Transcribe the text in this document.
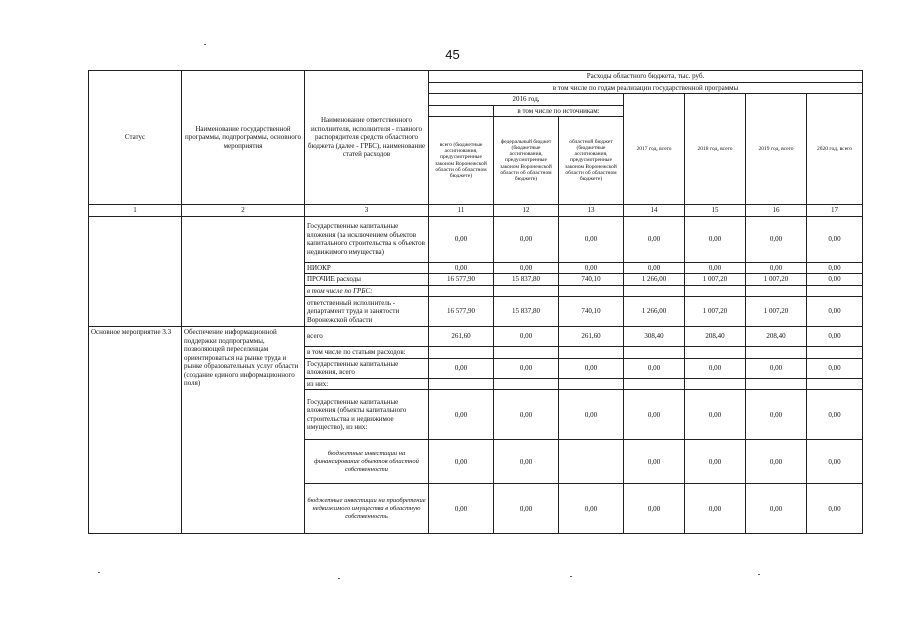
45
Статус	Наименование государственной программы, подпрограммы, основного мероприятия	Наименование ответственного исполнителя, исполнителя - главного распорядителя средств областного бюджета (далее - ГРБС), наименование статей расходов	Расходы областного бюджета, тыс. руб.						
			в том числе по годам реализации государственной программы						
			2016 год,			2017 год, всего	2018 год, всего	2019 год, всего	2020 год, всего
				в том числе по источникам:					
			всего (бюджетные ассигнования, предусмотренные законом Воронежской области об областном бюджете)	федеральный бюджет (бюджетные ассигнования, предусмотренные законом Воронежской области об областном бюджете)	областной бюджет (бюджетные ассигнования, предусмотренные законом Воронежской области об областном бюджете)				
1	2	3	11	12	13	14	15	16	17
		Государственные капитальные вложения (за исключением объектов капитального строительства к объектов недвижимого имущества)	0,00	0,00	0,00	0,00	0,00	0,00	0,00
		НИОКР	0,00	0,00	0,00	0,00	0,00	0,00	0,00
		ПРОЧИЕ расходы	16 577,90	15 837,80	740,10	1 266,00	1 007,20	1 007,20	0,00
		в том числе по ГРБС:							
		ответственный исполнитель - департамент труда и занятости Воронежской области	16 577,90	15 837,80	740,10	1 266,00	1 007,20	1 007,20	0,00
Основное мероприятие 3.3	Обеспечение информационной поддержки подпрограммы, позволяющей переселенцам ориентироваться на рынке труда и рынке образовательных услуг области (создание единого информационного поля)	всего	261,60	0,00	261,60	308,40	208,40	208,40	0,00
		в том числе по статьям расходов:							
		Государственные капитальные вложения, всего	0,00	0,00	0,00	0,00	0,00	0,00	0,00
		из них:							
		Государственные капитальные вложения (объекты капитального строительства и недвижимое имущество), из них:	0,00	0,00	0,00	0,00	0,00	0,00	0,00
		бюджетные инвестиции на финансирование объектов областной собственности	0,00	0,00		0,00	0,00	0,00	0,00
		бюджетные инвестиции на приобретение недвижимого имущества в областную собственность	0,00	0,00	0,00	0,00	0,00	0,00	0,00
